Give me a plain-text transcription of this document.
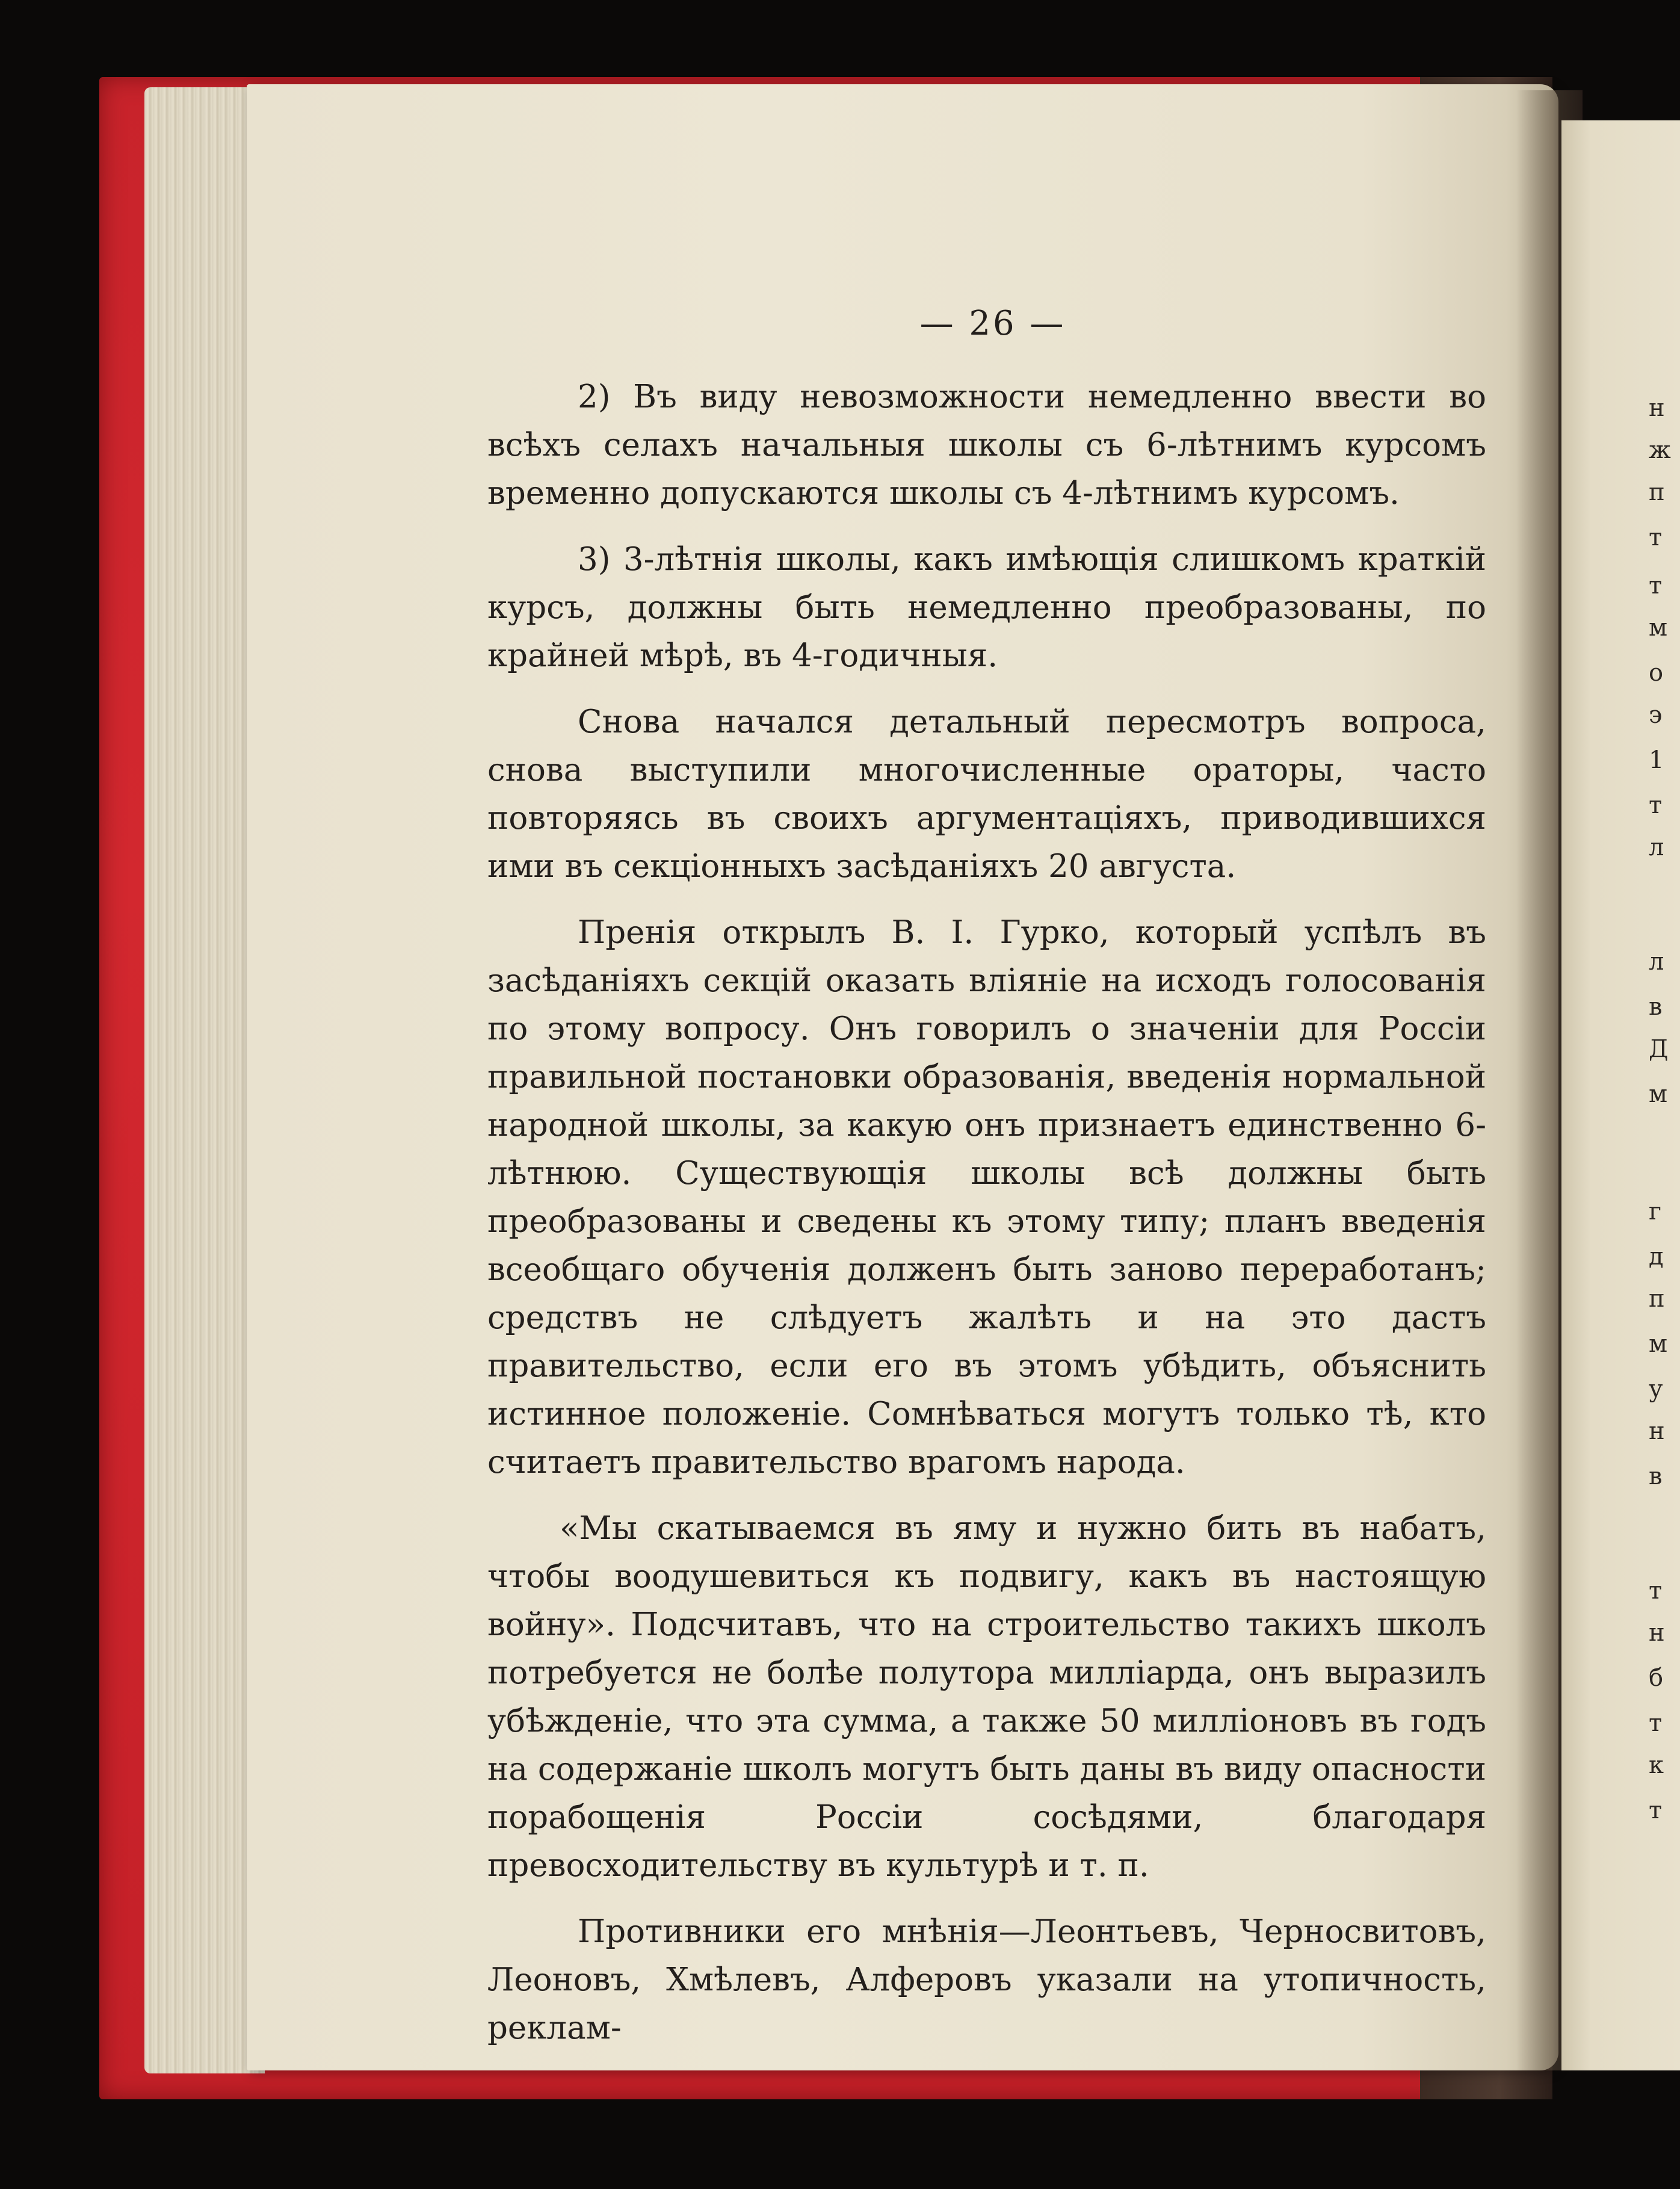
— 26 —

2) Въ виду невозможности немедленно ввести во всѣхъ селахъ начальныя школы съ 6-лѣтнимъ курсомъ временно допускаются школы съ 4-лѣтнимъ курсомъ.

3) 3-лѣтнія школы, какъ имѣющія слишкомъ краткій курсъ, должны быть немедленно преобразованы, по крайней мѣрѣ, въ 4-годичныя.

Снова начался детальный пересмотръ вопроса, снова выступили многочисленные ораторы, часто повторяясь въ своихъ аргументаціяхъ, приводившихся ими въ секціонныхъ засѣданіяхъ 20 августа.

Пренія открылъ В. І. Гурко, который успѣлъ въ засѣданіяхъ секцій оказать вліяніе на исходъ голосованія по этому вопросу. Онъ говорилъ о значеніи для Россіи правильной постановки образованія, введенія нормальной народной школы, за какую онъ признаетъ единственно 6-лѣтнюю. Существующія школы всѣ должны быть преобразованы и сведены къ этому типу; планъ введенія всеобщаго обученія долженъ быть заново переработанъ; средствъ не слѣдуетъ жалѣть и на это дастъ правительство, если его въ этомъ убѣдить, объяснить истинное положеніе. Сомнѣваться могутъ только тѣ, кто считаетъ правительство врагомъ народа.

«Мы скатываемся въ яму и нужно бить въ набатъ, чтобы воодушевиться къ подвигу, какъ въ настоящую войну». Подсчитавъ, что на строительство такихъ школъ потребуется не болѣе полутора милліарда, онъ выразилъ убѣжденіе, что эта сумма, а также 50 милліоновъ въ годъ на содержаніе школъ могутъ быть даны въ виду опасности порабощенія Россіи сосѣдями, благодаря превосходительству въ культурѣ и т. п.

Противники его мнѣнія—Леонтьевъ, Черносвитовъ, Леоновъ, Хмѣлевъ, Алферовъ указали на утопичность, реклам-

н
ж
п
т
т
м
о
э
1
т
л
л
в
Д
м
г
д
п
м
у
н
в
т
н
б
т
к
т
